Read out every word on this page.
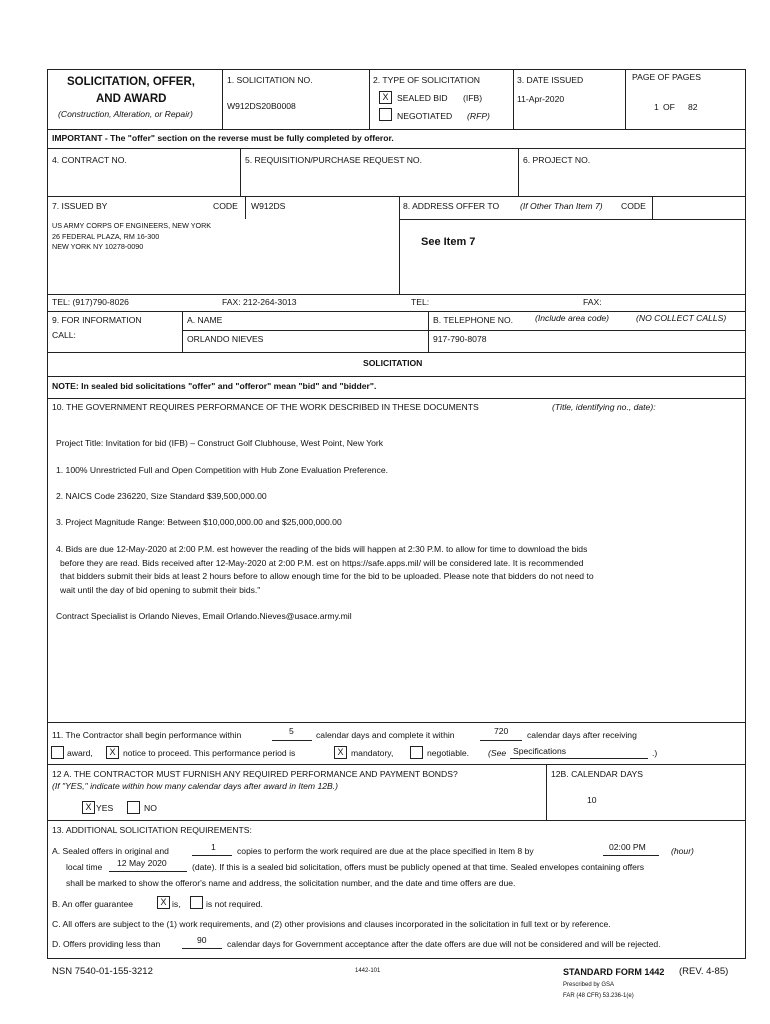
SOLICITATION, OFFER,
AND AWARD
(Construction, Alteration, or Repair)
1. SOLICITATION NO.
W912DS20B0008
2. TYPE OF SOLICITATION
X SEALED BID (IFB)
NEGOTIATED (RFP)
3. DATE ISSUED
11-Apr-2020
PAGE OF PAGES
1 OF 82
IMPORTANT - The "offer" section on the reverse must be fully completed by offeror.
4. CONTRACT NO.	5. REQUISITION/PURCHASE REQUEST NO.	6. PROJECT NO.
7. ISSUED BY	CODE W912DS
US ARMY CORPS OF ENGINEERS, NEW YORK
26 FEDERAL PLAZA, RM 16-300
NEW YORK NY 10278-0090
TEL: (917)790-8026	FAX: 212-264-3013
8. ADDRESS OFFER TO (If Other Than Item 7) CODE
See Item 7
TEL:	FAX:
9. FOR INFORMATION
CALL:
A. NAME
ORLANDO NIEVES
B. TELEPHONE NO.	(Include area code)	(NO COLLECT CALLS)
917-790-8078
SOLICITATION
NOTE: In sealed bid solicitations "offer" and "offeror" mean "bid" and "bidder".
10. THE GOVERNMENT REQUIRES PERFORMANCE OF THE WORK DESCRIBED IN THESE DOCUMENTS	(Title, identifying no., date):
Project Title: Invitation for bid (IFB) – Construct Golf Clubhouse, West Point, New York
1. 100% Unrestricted Full and Open Competition with Hub Zone Evaluation Preference.
2. NAICS Code 236220, Size Standard $39,500,000.00
3. Project Magnitude Range: Between $10,000,000.00 and $25,000,000.00
4. Bids are due 12-May-2020 at 2:00 P.M. est however the reading of the bids will happen at 2:30 P.M. to allow for time to download the bids
before they are read. Bids received after 12-May-2020 at 2:00 P.M. est on https://safe.apps.mil/ will be considered late. It is recommended
that bidders submit their bids at least 2 hours before to allow enough time for the bid to be uploaded. Please note that bidders do not need to
wait until the day of bid opening to submit their bids."
Contract Specialist is Orlando Nieves, Email Orlando.Nieves@usace.army.mil
11. The Contractor shall begin performance within	5	calendar days and complete it within	720 calendar days after receiving
award,	X notice to proceed. This performance period is	X mandatory,	negotiable. (See Specifications	.)
12 A. THE CONTRACTOR MUST FURNISH ANY REQUIRED PERFORMANCE AND PAYMENT BONDS?
(If "YES," indicate within how many calendar days after award in Item 12B.)
X YES	NO
12B. CALENDAR DAYS
10
13. ADDITIONAL SOLICITATION REQUIREMENTS:
A. Sealed offers in original and	1 copies to perform the work required are due at the place specified in Item 8 by	02:00 PM	(hour)
local time 12 May 2020	(date). If this is a sealed bid solicitation, offers must be publicly opened at that time. Sealed envelopes containing offers
shall be marked to show the offeror's name and address, the solicitation number, and the date and time offers are due.
B. An offer guarantee	X is,	is not required.
C. All offers are subject to the (1) work requirements, and (2) other provisions and clauses incorporated in the solicitation in full text or by reference.
D. Offers providing less than	90 calendar days for Government acceptance after the date offers are due will not be considered and will be rejected.
NSN 7540-01-155-3212	1442-101	STANDARD FORM 1442 (REV. 4-85)
Prescribed by GSA
FAR (48 CFR) 53.236-1(e)
